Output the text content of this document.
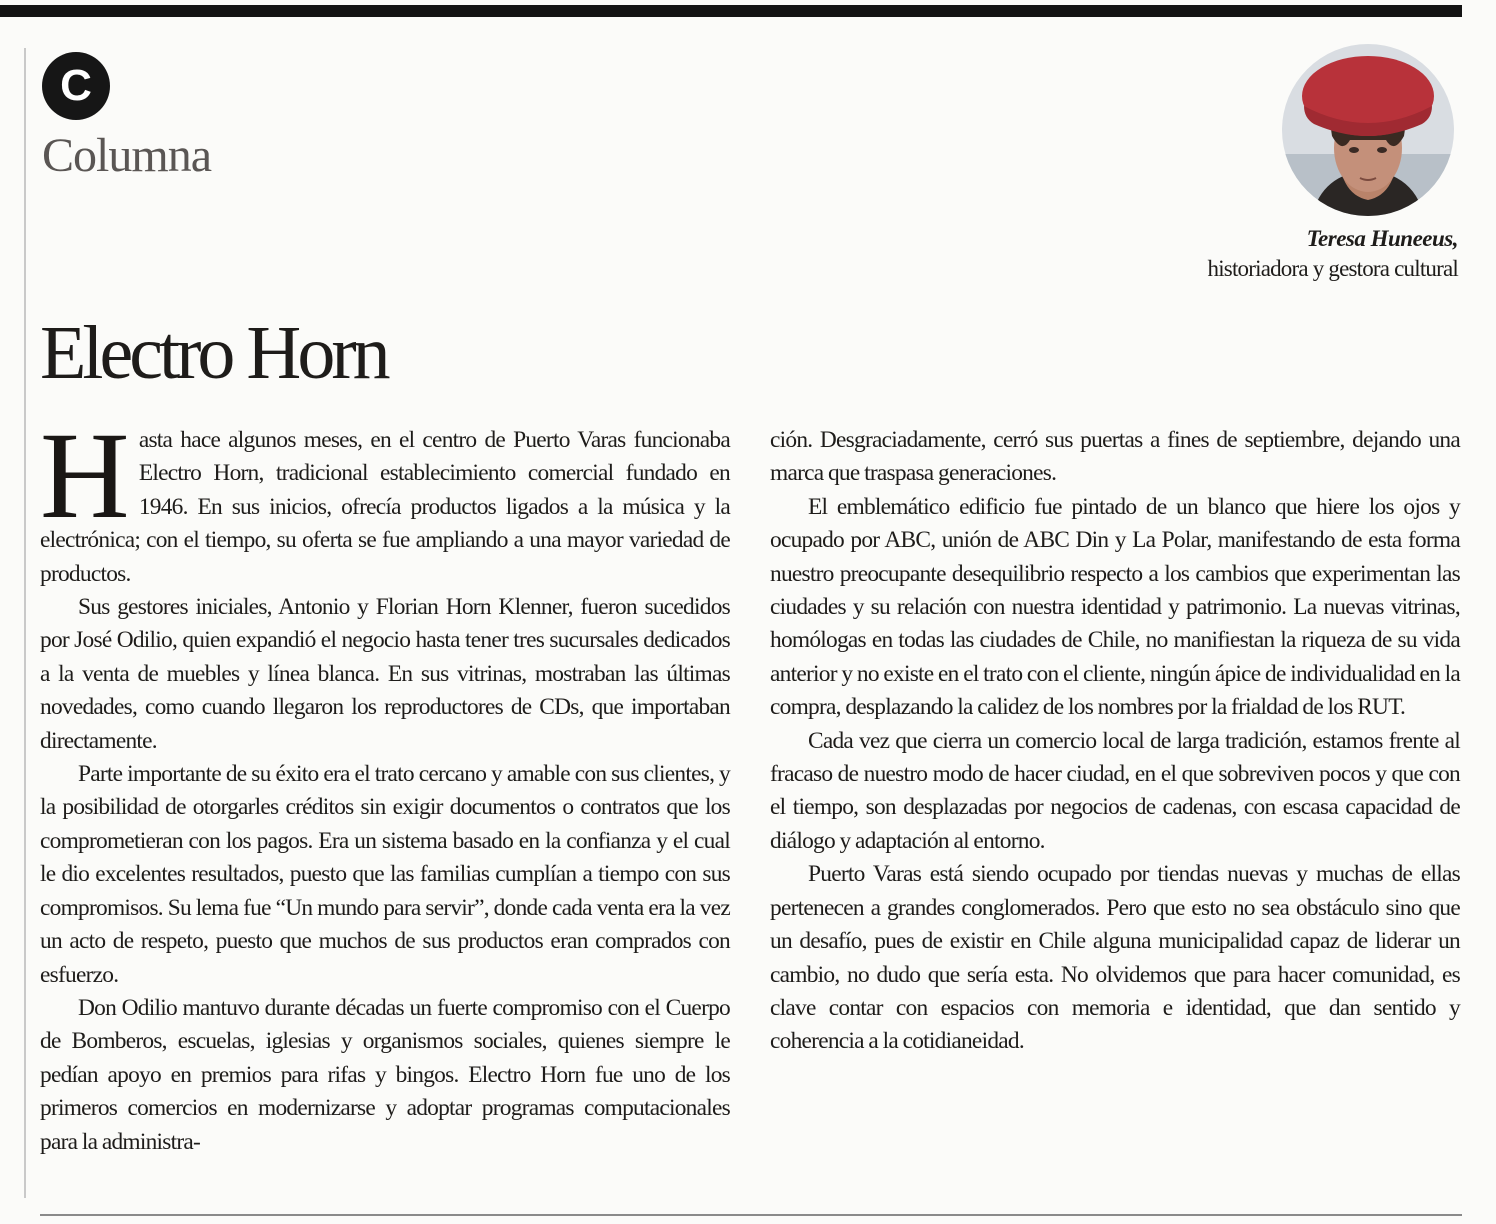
C
Columna
Teresa Huneeus,
historiadora y gestora cultural
Electro Horn

Hasta hace algunos meses, en el centro de Puerto Varas funcionaba Electro Horn, tradicional establecimiento comercial fundado en 1946. En sus inicios, ofrecía productos ligados a la música y la electrónica; con el tiempo, su oferta se fue ampliando a una mayor variedad de productos.

Sus gestores iniciales, Antonio y Florian Horn Klenner, fueron sucedidos por José Odilio, quien expandió el negocio hasta tener tres sucursales dedicados a la venta de muebles y línea blanca. En sus vitrinas, mostraban las últimas novedades, como cuando llegaron los reproductores de CDs, que importaban directamente.

Parte importante de su éxito era el trato cercano y amable con sus clientes, y la posibilidad de otorgarles créditos sin exigir documentos o contratos que los comprometieran con los pagos. Era un sistema basado en la confianza y el cual le dio excelentes resultados, puesto que las familias cumplían a tiempo con sus compromisos. Su lema fue “Un mundo para servir”, donde cada venta era la vez un acto de respeto, puesto que muchos de sus productos eran comprados con esfuerzo.

Don Odilio mantuvo durante décadas un fuerte compromiso con el Cuerpo de Bomberos, escuelas, iglesias y organismos sociales, quienes siempre le pedían apoyo en premios para rifas y bingos. Electro Horn fue uno de los primeros comercios en modernizarse y adoptar programas computacionales para la administra-

ción. Desgraciadamente, cerró sus puertas a fines de septiembre, dejando una marca que traspasa generaciones.

El emblemático edificio fue pintado de un blanco que hiere los ojos y ocupado por ABC, unión de ABC Din y La Polar, manifestando de esta forma nuestro preocupante desequilibrio respecto a los cambios que experimentan las ciudades y su relación con nuestra identidad y patrimonio. La nuevas vitrinas, homólogas en todas las ciudades de Chile, no manifiestan la riqueza de su vida anterior y no existe en el trato con el cliente, ningún ápice de individualidad en la compra, desplazando la calidez de los nombres por la frialdad de los RUT.

Cada vez que cierra un comercio local de larga tradición, estamos frente al fracaso de nuestro modo de hacer ciudad, en el que sobreviven pocos y que con el tiempo, son desplazadas por negocios de cadenas, con escasa capacidad de diálogo y adaptación al entorno.

Puerto Varas está siendo ocupado por tiendas nuevas y muchas de ellas pertenecen a grandes conglomerados. Pero que esto no sea obstáculo sino que un desafío, pues de existir en Chile alguna municipalidad capaz de liderar un cambio, no dudo que sería esta. No olvidemos que para hacer comunidad, es clave contar con espacios con memoria e identidad, que dan sentido y coherencia a la cotidianeidad.
